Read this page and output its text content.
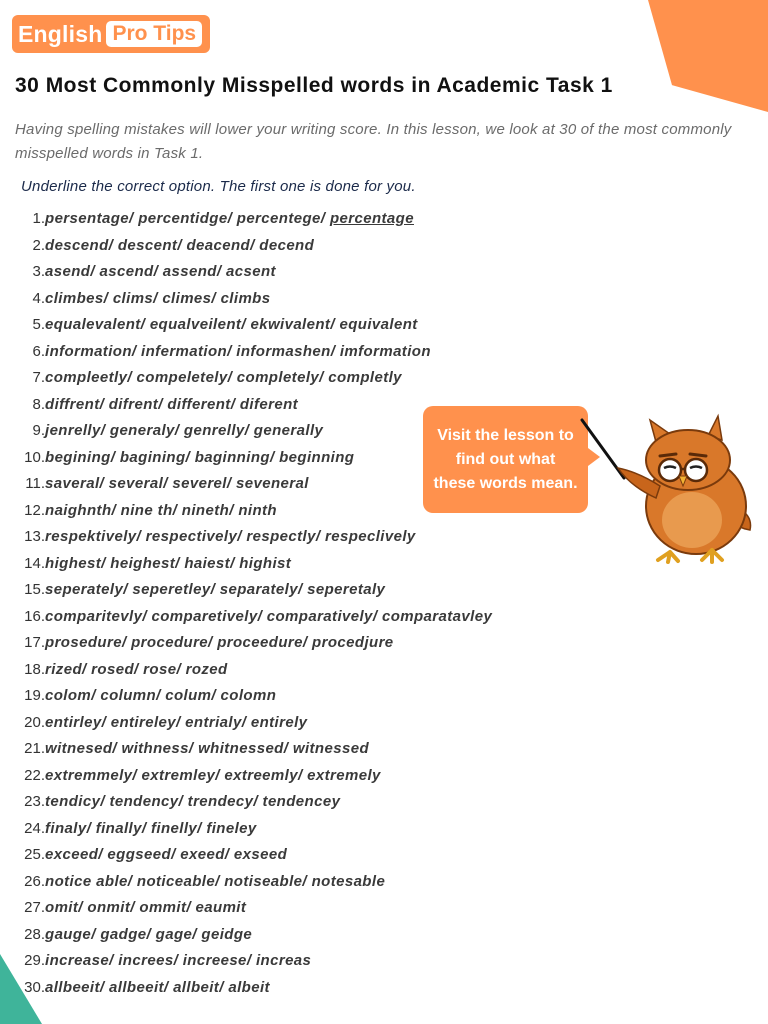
English Pro Tips
30 Most Commonly Misspelled words in Academic Task 1

Having spelling mistakes will lower your writing score. In this lesson, we look at 30 of the most commonly misspelled words in Task 1.

Underline the correct option. The first one is done for you.

1. persentage/ percentidge/ percentege/ percentage
2. descend/ descent/ deacend/ decend
3. asend/ ascend/ assend/ acsent
4. climbes/ clims/ climes/ climbs
5. equalevalent/ equalveilent/ ekwivalent/ equivalent
6. information/ infermation/ informashen/ imformation
7. compleetly/ compeletely/ completely/ completly
8. diffrent/ difrent/ different/ diferent
9. jenrelly/ generaly/ genrelly/ generally
10. begining/ bagining/ baginning/ beginning
11. saveral/ several/ severel/ seveneral
12. naighnth/ nine th/ nineth/ ninth
13. respektively/ respectively/ respectly/ respeclively
14. highest/ heighest/ haiest/ highist
15. seperately/ seperetley/ separately/ seperetaly
16. comparitevly/ comparetively/ comparatively/ comparatavley
17. prosedure/ procedure/ proceedure/ procedjure
18. rized/ rosed/ rose/ rozed
19. colom/ column/ colum/ colomn
20. entirley/ entireley/ entrialy/ entirely
21. witnesed/ withness/ whitnessed/ witnessed
22. extremmely/ extremley/ extreemly/ extremely
23. tendicy/ tendency/ trendecy/ tendencey
24. finaly/ finally/ finelly/ fineley
25. exceed/ eggseed/ exeed/ exseed
26. notice able/ noticeable/ notiseable/ notesable
27. omit/ onmit/ ommit/ eaumit
28. gauge/ gadge/ gage/ geidge
29. increase/ increes/ increese/ increas
30. allbeeit/ allbeeit/ allbeit/ albeit
Visit the lesson to find out what these words mean.
